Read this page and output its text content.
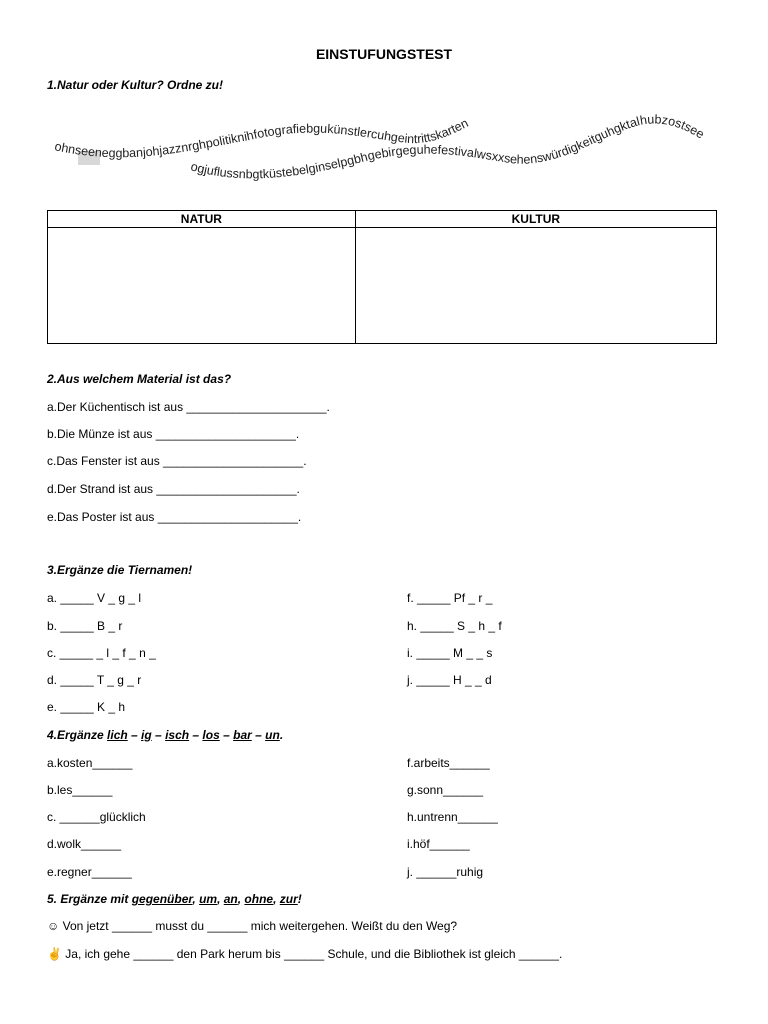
EINSTUFUNGSTEST
1.Natur oder Kultur? Ordne zu!
ohnseeneggbanjohjazznrghpolitiknihfotografiebgukünstlercuhgeintrittskarten
ogjuflussnbgtküstebelginselpgbhgebirgeguhefestivalwsxxsehenswürdigkeitguhgktalhubzostsee
NATUR	KULTUR

2.Aus welchem Material ist das?
a.Der Küchentisch ist aus _____________________.
b.Die Münze ist aus _____________________.
c.Das Fenster ist aus _____________________.
d.Der Strand ist aus _____________________.
e.Das Poster ist aus _____________________.
3.Ergänze die Tiernamen!
a. _____ V _ g _ l
b. _____ B _ r
c. _____ _ l _ f _ n _
d. _____ T _ g _ r
e. _____ K _ h
f. _____ Pf _ r _
h. _____ S _ h _ f
i. _____ M _ _ s
j. _____ H _ _ d
4.Ergänze lich – ig – isch – los – bar – un.
a.kosten______
b.les______
c. ______glücklich
d.wolk______
e.regner______
f.arbeits______
g.sonn______
h.untrenn______
i.höf______
j. ______ruhig
5. Ergänze mit gegenüber, um, an, ohne, zur!
☺ Von jetzt ______ musst du ______ mich weitergehen. Weißt du den Weg?
✌ Ja, ich gehe ______ den Park herum bis ______ Schule, und die Bibliothek ist gleich ______.
